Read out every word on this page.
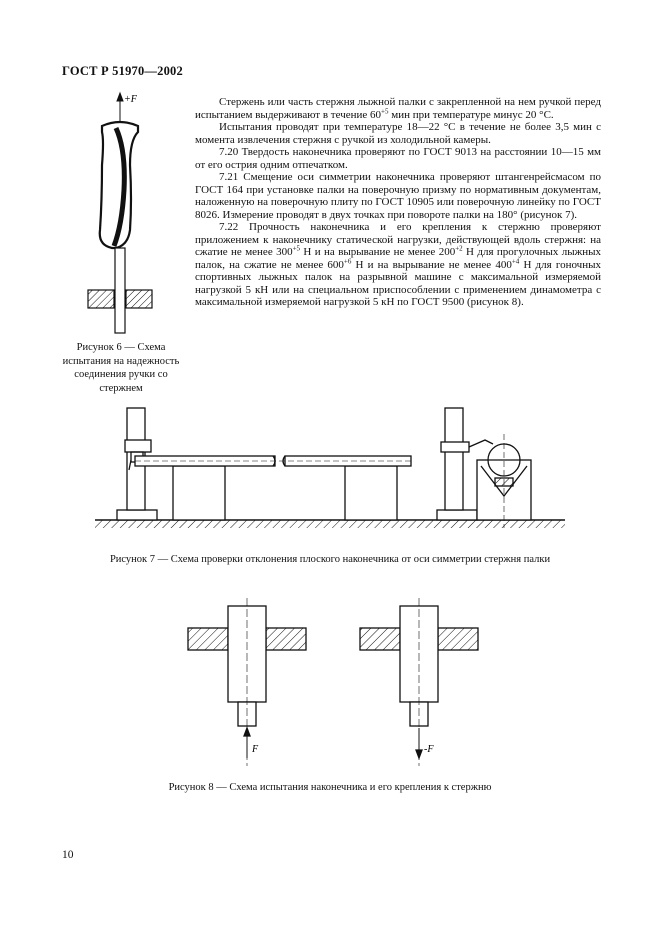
ГОСТ Р 51970—2002
+F
Рисунок 6 — Схема испытания на надежность соединения ручки со стержнем

Стержень или часть стержня лыжной палки с закрепленной на нем ручкой перед испытанием выдерживают в течение $60^{+5}$ мин при температуре минус 20 °С.

Испытания проводят при температуре 18—22 °С в течение не более 3,5 мин с момента извлечения стержня с ручкой из холодильной камеры.

7.20 Твердость наконечника проверяют по ГОСТ 9013 на расстоянии 10—15 мм от его острия одним отпечатком.

7.21 Смещение оси симметрии наконечника проверяют штангенрейсмасом по ГОСТ 164 при установке палки на поверочную призму по нормативным документам, наложенную на поверочную плиту по ГОСТ 10905 или поверочную линейку по ГОСТ 8026. Измерение проводят в двух точках при повороте палки на 180° (рисунок 7).

7.22 Прочность наконечника и его крепления к стержню проверяют приложением к наконечнику статической нагрузки, действующей вдоль стержня: на сжатие не менее $300^{+5}$ Н и на вырывание не менее $200^{+2}$ Н для прогулочных лыжных палок, на сжатие не менее $600^{+6}$ Н и на вырывание не менее $400^{+4}$ Н для гоночных спортивных лыжных палок на разрывной машине с максимальной измеряемой нагрузкой 5 кН или на специальном приспособлении с применением динамометра с максимальной измеряемой нагрузкой 5 кН по ГОСТ 9500 (рисунок 8).

Рисунок 7 — Схема проверки отклонения плоского наконечника от оси симметрии стержня палки
F	-F
Рисунок 8 — Схема испытания наконечника и его крепления к стержню
10
